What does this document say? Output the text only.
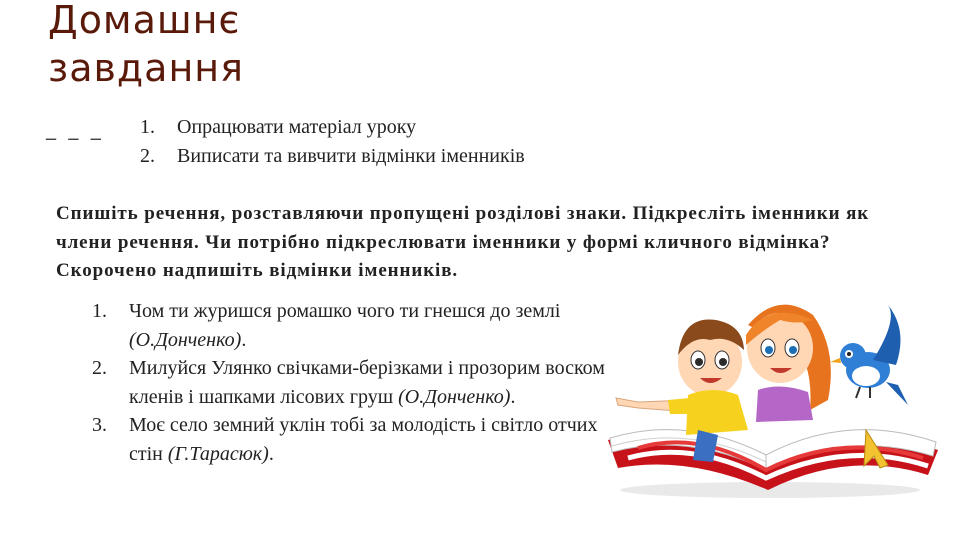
Домашнє
завдання
_ _ _ 1. Опрацювати матеріал уроку
2. Виписати та вивчити відмінки іменників

Спишіть речення, розставляючи пропущені розділові знаки. Підкресліть іменники як члени речення. Чи потрібно підкреслювати іменники у формі кличного відмінка? Скорочено надпишіть відмінки іменників.

1. Чом ти журишся ромашко чого ти гнешся до землі (О.Донченко).
2. Милуйся Улянко свічками-берізками і прозорим воском кленів і шапками лісових груш (О.Донченко).
3. Моє село земний уклін тобі за молодість і світло отчих стін (Г.Тарасюк).
